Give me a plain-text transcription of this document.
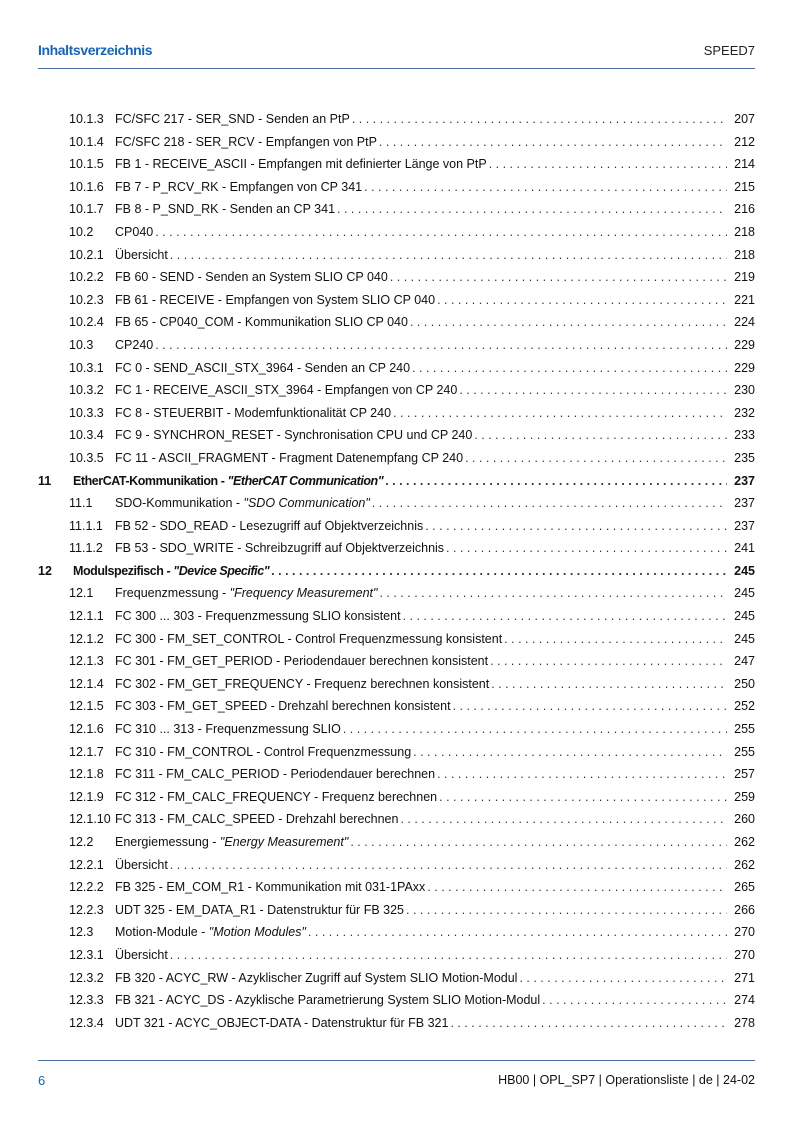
Inhaltsverzeichnis	SPEED7
10.1.3 FC/SFC 217 - SER_SND - Senden an PtP . . .	207
10.1.4 FC/SFC 218 - SER_RCV - Empfangen von PtP . . .	212
10.1.5 FB 1 - RECEIVE_ASCII - Empfangen mit definierter Länge von PtP . . .	214
10.1.6 FB 7 - P_RCV_RK - Empfangen von CP 341 . . .	215
10.1.7 FB 8 - P_SND_RK - Senden an CP 341 . . .	216
10.2	CP040 . . .	218
10.2.1 Übersicht . . .	218
10.2.2 FB 60 - SEND - Senden an System SLIO CP 040 . . .	219
10.2.3 FB 61 - RECEIVE - Empfangen von System SLIO CP 040 . . .	221
10.2.4 FB 65 - CP040_COM - Kommunikation SLIO CP 040 . . .	224
10.3	CP240 . . .	229
10.3.1 FC 0 - SEND_ASCII_STX_3964 - Senden an CP 240 . . .	229
10.3.2 FC 1 - RECEIVE_ASCII_STX_3964 - Empfangen von CP 240 . . .	230
10.3.3 FC 8 - STEUERBIT - Modemfunktionalität CP 240 . . .	232
10.3.4 FC 9 - SYNCHRON_RESET - Synchronisation CPU und CP 240 . . .	233
10.3.5 FC 11 - ASCII_FRAGMENT - Fragment Datenempfang CP 240 . . .	235
11	EtherCAT-Kommunikation - "EtherCAT Communication" . . .	237
11.1	SDO-Kommunikation - "SDO Communication" . . .	237
11.1.1 FB 52 - SDO_READ - Lesezugriff auf Objektverzeichnis . . .	237
11.1.2 FB 53 - SDO_WRITE - Schreibzugriff auf Objektverzeichnis . . .	241
12	Modulspezifisch - "Device Specific" . . .	245
12.1	Frequenzmessung - "Frequency Measurement" . . .	245
12.1.1 FC 300 ... 303 - Frequenzmessung SLIO konsistent . . .	245
12.1.2 FC 300 - FM_SET_CONTROL - Control Frequenzmessung konsistent . . .	245
12.1.3 FC 301 - FM_GET_PERIOD - Periodendauer berechnen konsistent . . .	247
12.1.4 FC 302 - FM_GET_FREQUENCY - Frequenz berechnen konsistent . . .	250
12.1.5 FC 303 - FM_GET_SPEED - Drehzahl berechnen konsistent . . .	252
12.1.6 FC 310 ... 313 - Frequenzmessung SLIO . . .	255
12.1.7 FC 310 - FM_CONTROL - Control Frequenzmessung . . .	255
12.1.8 FC 311 - FM_CALC_PERIOD - Periodendauer berechnen . . .	257
12.1.9 FC 312 - FM_CALC_FREQUENCY - Frequenz berechnen . . .	259
12.1.10 FC 313 - FM_CALC_SPEED - Drehzahl berechnen . . .	260
12.2	Energiemessung - "Energy Measurement" . . .	262
12.2.1 Übersicht . . .	262
12.2.2 FB 325 - EM_COM_R1 - Kommunikation mit 031-1PAxx . . .	265
12.2.3 UDT 325 - EM_DATA_R1 - Datenstruktur für FB 325 . . .	266
12.3	Motion-Module - "Motion Modules" . . .	270
12.3.1 Übersicht . . .	270
12.3.2 FB 320 - ACYC_RW - Azyklischer Zugriff auf System SLIO Motion-Modul . . .	271
12.3.3 FB 321 - ACYC_DS - Azyklische Parametrierung System SLIO Motion-Modul . . .	274
12.3.4 UDT 321 - ACYC_OBJECT-DATA - Datenstruktur für FB 321 . . .	278
6	HB00 | OPL_SP7 | Operationsliste | de | 24-02
